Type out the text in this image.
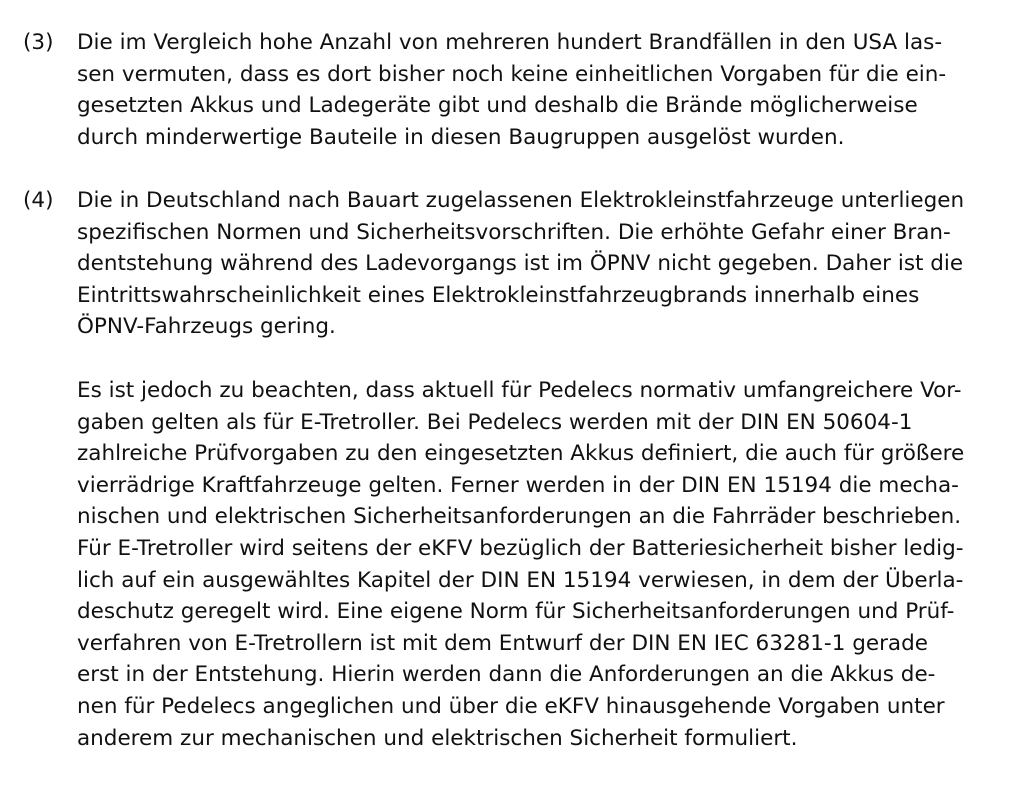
(3) Die im Vergleich hohe Anzahl von mehreren hundert Brandfällen in den USA las-
sen vermuten, dass es dort bisher noch keine einheitlichen Vorgaben für die ein-
gesetzten Akkus und Ladegeräte gibt und deshalb die Brände möglicherweise
durch minderwertige Bauteile in diesen Baugruppen ausgelöst wurden.
(4) Die in Deutschland nach Bauart zugelassenen Elektrokleinstfahrzeuge unterliegen
spezifischen Normen und Sicherheitsvorschriften. Die erhöhte Gefahr einer Bran-
dentstehung während des Ladevorgangs ist im ÖPNV nicht gegeben. Daher ist die
Eintrittswahrscheinlichkeit eines Elektrokleinstfahrzeugbrands innerhalb eines
ÖPNV-Fahrzeugs gering.
Es ist jedoch zu beachten, dass aktuell für Pedelecs normativ umfangreichere Vor-
gaben gelten als für E-Tretroller. Bei Pedelecs werden mit der DIN EN 50604-1
zahlreiche Prüfvorgaben zu den eingesetzten Akkus definiert, die auch für größere
vierrädrige Kraftfahrzeuge gelten. Ferner werden in der DIN EN 15194 die mecha-
nischen und elektrischen Sicherheitsanforderungen an die Fahrräder beschrieben.
Für E-Tretroller wird seitens der eKFV bezüglich der Batteriesicherheit bisher ledig-
lich auf ein ausgewähltes Kapitel der DIN EN 15194 verwiesen, in dem der Überla-
deschutz geregelt wird. Eine eigene Norm für Sicherheitsanforderungen und Prüf-
verfahren von E-Tretrollern ist mit dem Entwurf der DIN EN IEC 63281-1 gerade
erst in der Entstehung. Hierin werden dann die Anforderungen an die Akkus de-
nen für Pedelecs angeglichen und über die eKFV hinausgehende Vorgaben unter
anderem zur mechanischen und elektrischen Sicherheit formuliert.
